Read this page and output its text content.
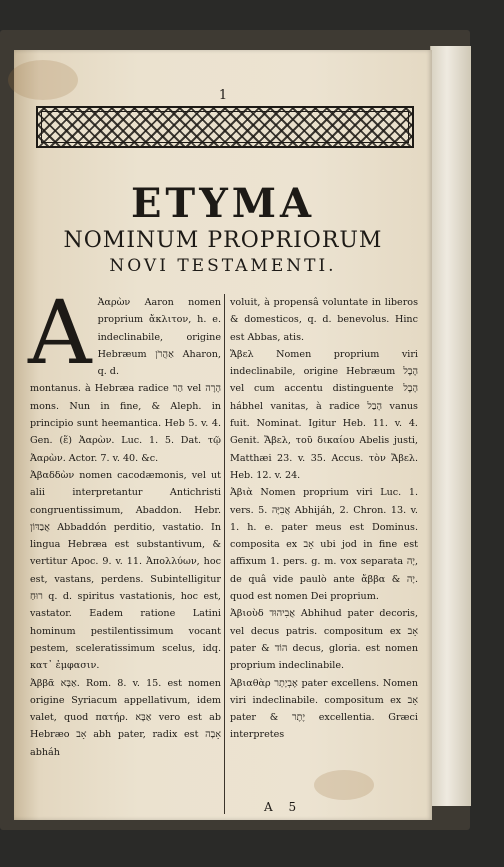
1
ETYMA
NOMINUM PROPRIORUM
NOVI TESTAMENTI.
A Ἀαρὼν Aaron nomen proprium ἄκλιτον, h. e. indeclinabile, origine Hebræum אַהֲרֹן Aharon, q. d.

montanus. à Hebræa radice הַר vel הָרָה mons. Nun in fine, & Aleph. in principio sunt heemantica. Heb 5. v. 4. Gen. (ἕ) Ἀαρὼν. Luc. 1. 5. Dat. τῷ Ἀαρὼν. Actor. 7. v. 40. &c.

Ἀβαδδὼν nomen cacodæmonis, vel ut alii interpretantur Antichristi congruentissimum, Abaddon. Hebr. אֲבַדּוֹן Abbaddón perditio, vastatio. In lingua Hebræa est substantivum, & vertitur Apoc. 9. v. 11. Ἀπολλύων, hoc est, vastans, perdens. Subintelligitur רוּחַ q. d. spiritus vastationis, hoc est, vastator. Eadem ratione Latini hominum pestilentissimum vocant pestem, sceleratissimum scelus, idq. κατ᾽ ἐμφασιν.

Ἀββᾶ אַבָּא. Rom. 8. v. 15. est nomen origine Syriacum appellativum, idem valet, quod πατήρ. אַבָּא vero est ab Hebræo אָב abh pater, radix est אָבָה abháh

voluit, à propensâ voluntate in liberos & domesticos, q. d. benevolus. Hinc est Abbas, atis.

Ἄβελ Nomen proprium viri indeclinabile, origine Hebræum הֶבֶל vel cum accentu distinguente הָבֶל hábhel vanitas, à radice הָבַל vanus fuit. Nominat. Igitur Heb. 11. v. 4. Genit. Ἄβελ, τοῦ δικαίου Abelis justi, Matthæi 23. v. 35. Accus. τὸν Ἄβελ. Heb. 12. v. 24.

Ἀβιὰ Nomen proprium viri Luc. 1. vers. 5. אֲבִיָּה Abhijáh, 2. Chron. 13. v. 1. h. e. pater meus est Dominus. composita ex אָב ubi jod in fine est affixum 1. pers. g. m. vox separata יָה, de quâ vide paulò ante ἄββα & יָה. quod est nomen Dei proprium.

Ἀβιοὺδ אֲבִיהוּד Abhihud pater decoris, vel decus patris. compositum ex אָב pater & הוֹד decus, gloria. est nomen proprium indeclinabile.

Ἀβιαθὰρ אֶבְיָתָר pater excellens. Nomen viri indeclinabile. compositum ex אָב pater & יֶתֶר excellentia. Græci interpretes

A 5
